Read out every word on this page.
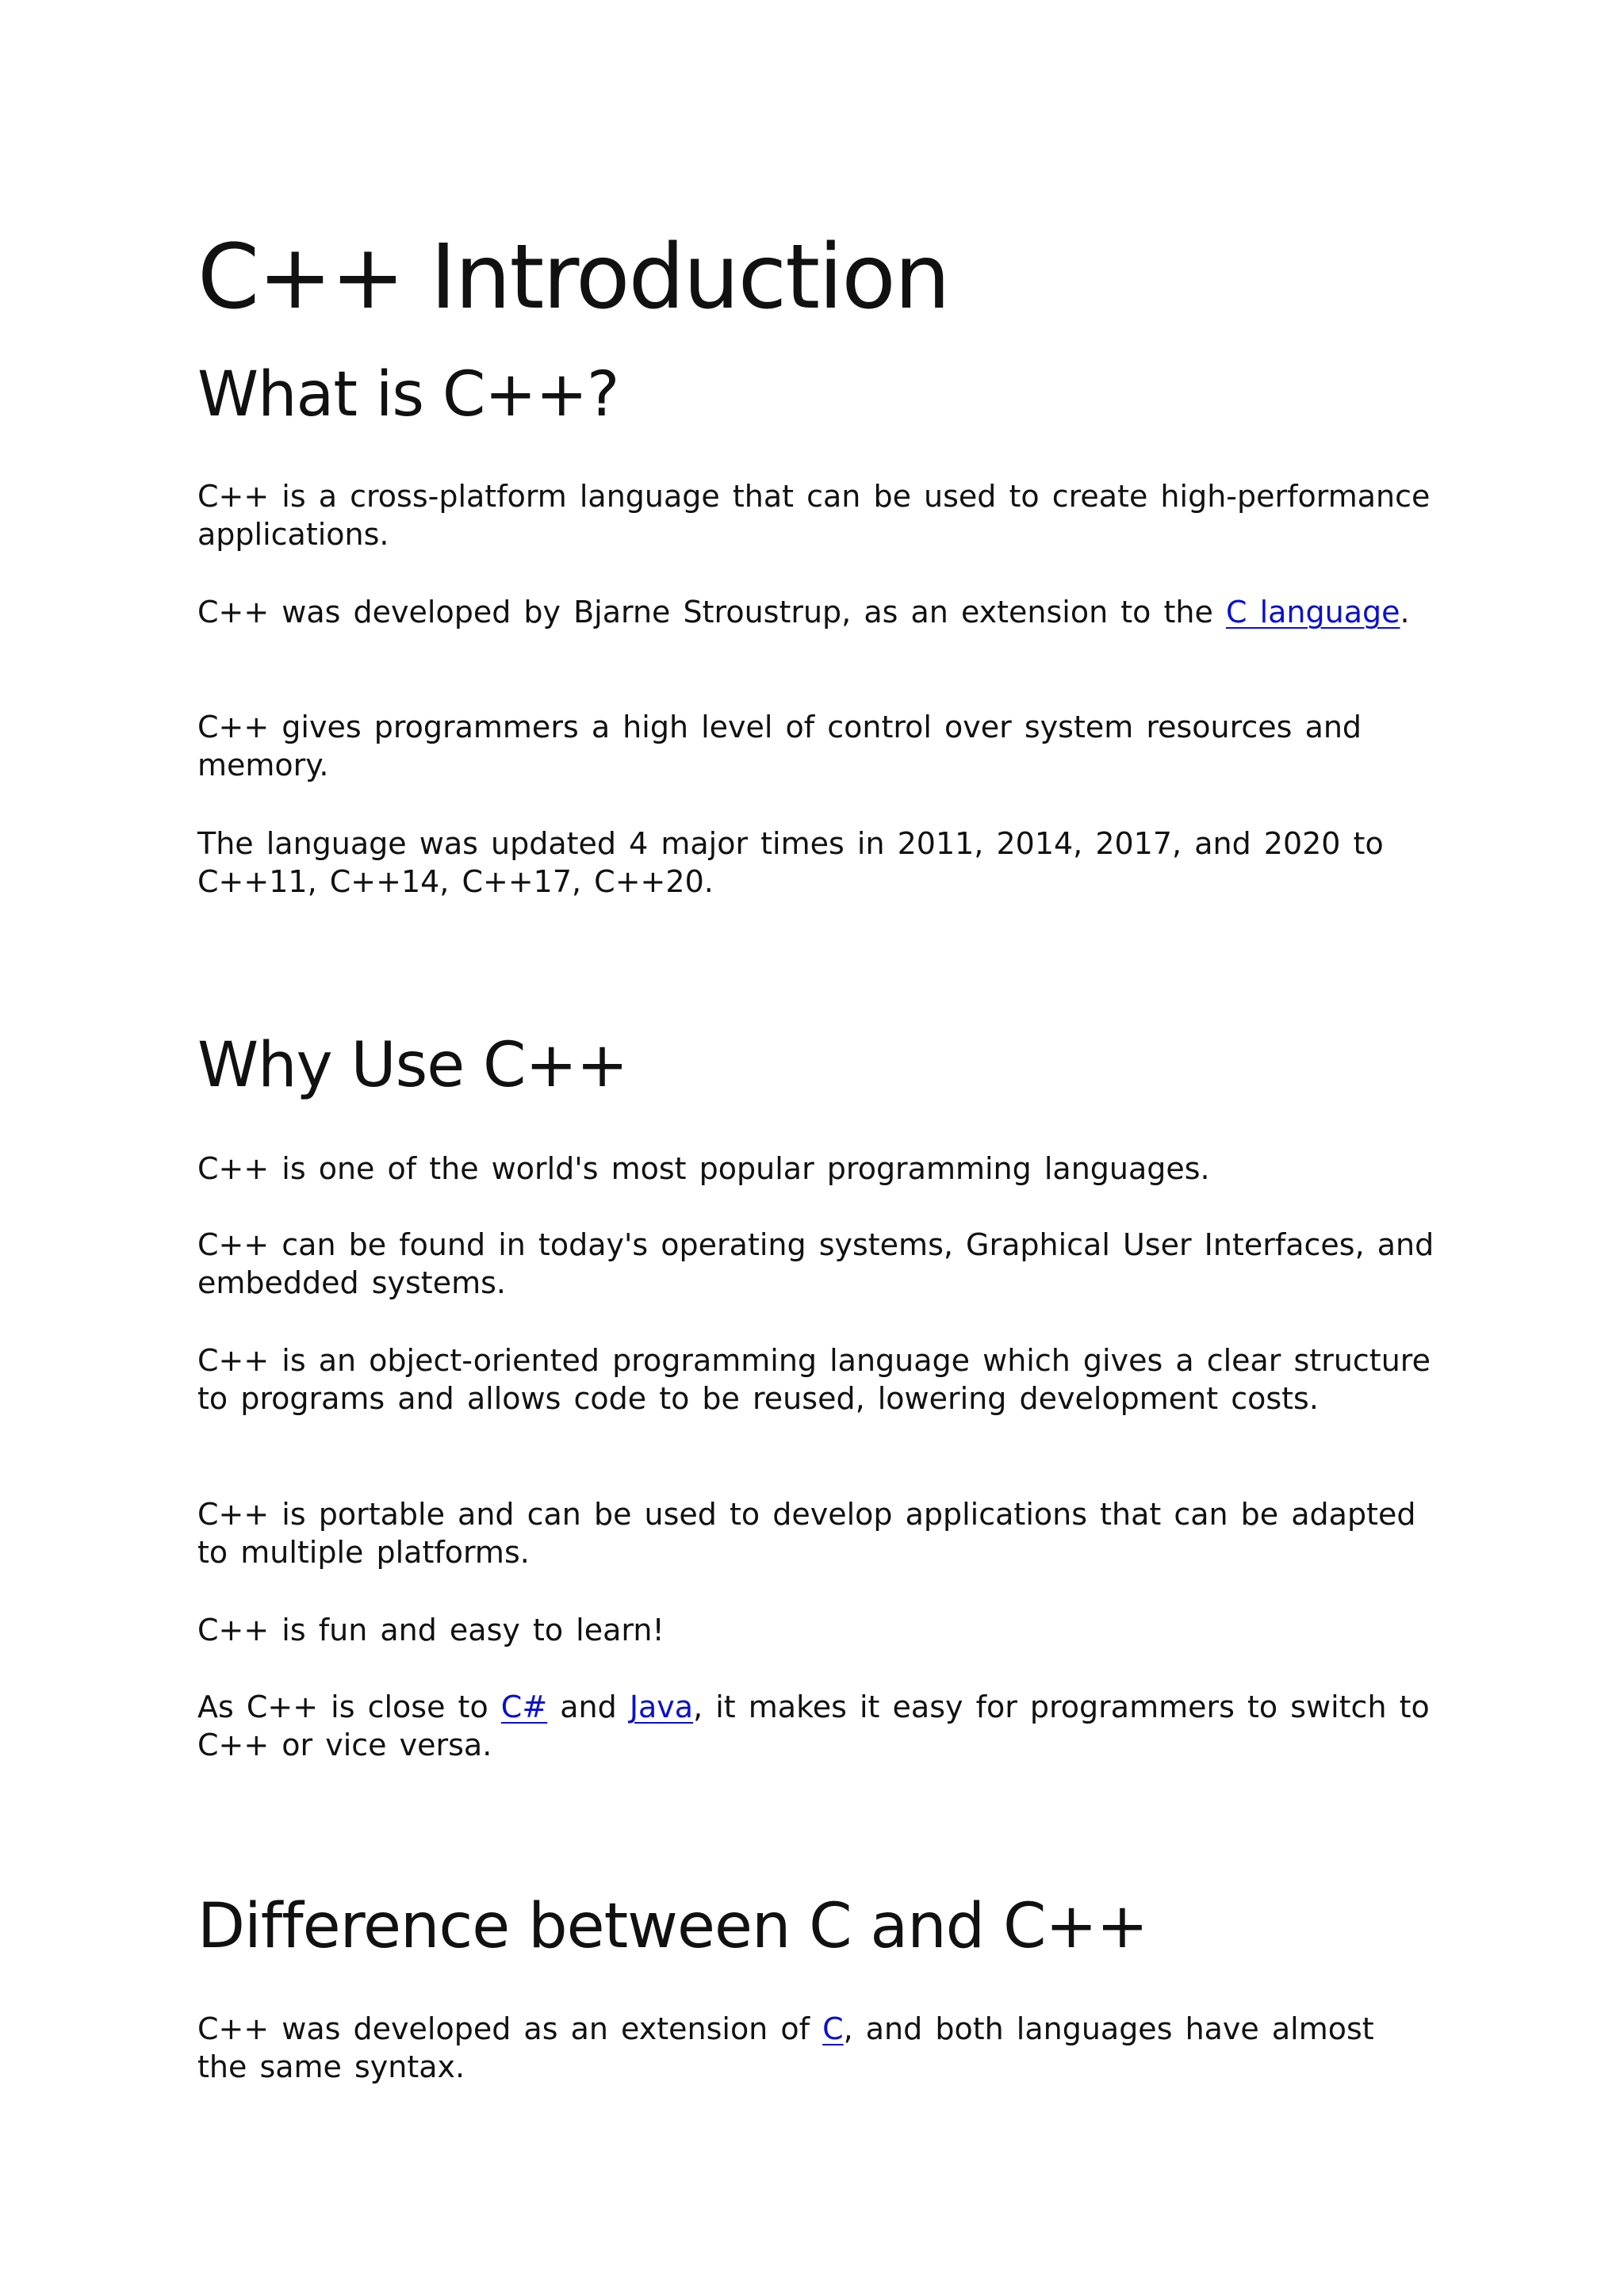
C++ Introduction
What is C++?

C++ is a cross-platform language that can be used to create high-performance applications.

C++ was developed by Bjarne Stroustrup, as an extension to the C language.

C++ gives programmers a high level of control over system resources and memory.

The language was updated 4 major times in 2011, 2014, 2017, and 2020 to C++11, C++14, C++17, C++20.

Why Use C++

C++ is one of the world's most popular programming languages.

C++ can be found in today's operating systems, Graphical User Interfaces, and embedded systems.

C++ is an object-oriented programming language which gives a clear structure to programs and allows code to be reused, lowering development costs.

C++ is portable and can be used to develop applications that can be adapted to multiple platforms.

C++ is fun and easy to learn!

As C++ is close to C# and Java, it makes it easy for programmers to switch to C++ or vice versa.

Difference between C and C++

C++ was developed as an extension of C, and both languages have almost the same syntax.
